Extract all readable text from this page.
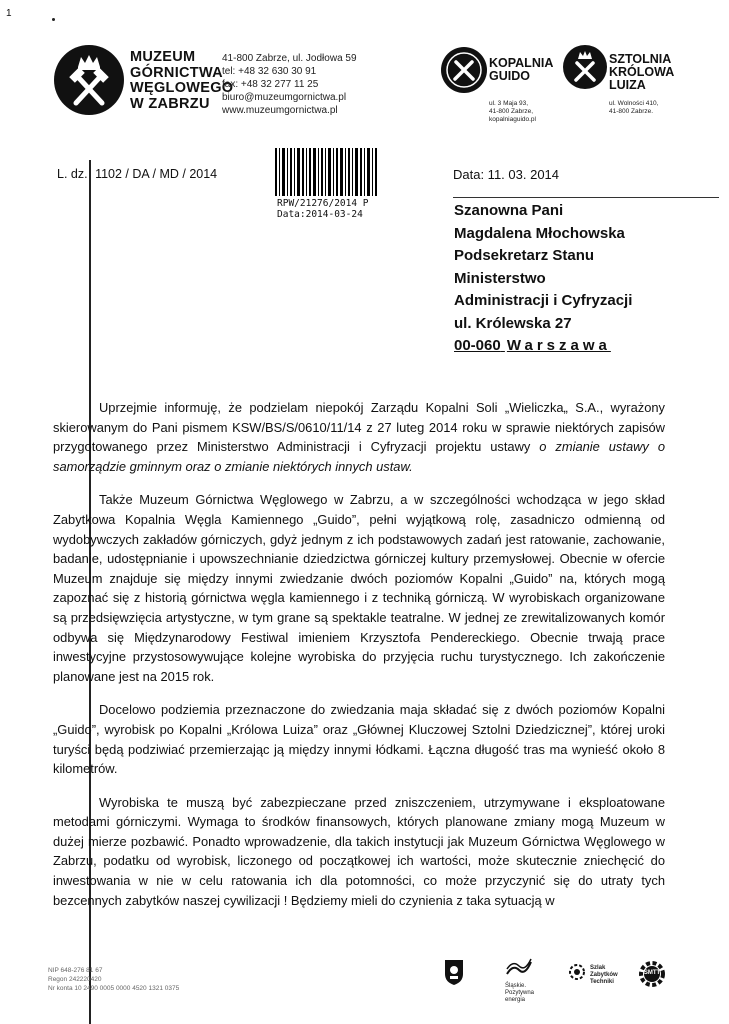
1
MUZEUM
GÓRNICTWA
WĘGLOWEGO
W ZABRZU
41-800 Zabrze, ul. Jodłowa 59
tel: +48 32 630 30 91
fax: +48 32 277 11 25
biuro@muzeumgornictwa.pl
www.muzeumgornictwa.pl
KOPALNIA
GUIDO
ul. 3 Maja 93,
41-800 Zabrze,
kopalniaguido.pl
SZTOLNIA
KRÓLOWA
LUIZA
ul. Wolności 410,
41-800 Zabrze.
L. dz. 1102 / DA / MD / 2014
RPW/21276/2014 P
Data:2014-03-24
Data: 11. 03. 2014
Szanowna Pani
Magdalena Młochowska
Podsekretarz Stanu
Ministerstwo
Administracji i Cyfryzacji
ul. Królewska 27
00-060 Warszawa

Uprzejmie informuję, że podzielam niepokój Zarządu Kopalni Soli „Wieliczka„ S.A., wyrażony skierowanym do Pani pismem KSW/BS/S/0610/11/14 z 27 luteg 2014 roku w sprawie niektórych zapisów przygotowanego przez Ministerstwo Administracji i Cyfryzacji projektu ustawy o zmianie ustawy o samorządzie gminnym oraz o zmianie niektórych innych ustaw.

Także Muzeum Górnictwa Węglowego w Zabrzu, a w szczególności wchodząca w jego skład Zabytkowa Kopalnia Węgla Kamiennego „Guido”, pełni wyjątkową rolę, zasadniczo odmienną od wydobywczych zakładów górniczych, gdyż jednym z ich podstawowych zadań jest ratowanie, zachowanie, badanie, udostępnianie i upowszechnianie dziedzictwa górniczej kultury przemysłowej. Obecnie w ofercie Muzeum znajduje się między innymi zwiedzanie dwóch poziomów Kopalni „Guido” na, których mogą zapoznać się z historią górnictwa węgla kamiennego i z techniką górniczą. W wyrobiskach organizowane są przedsięwzięcia artystyczne, w tym grane są spektakle teatralne. W jednej ze zrewitalizowanych komór odbywa się Międzynarodowy Festiwal imieniem Krzysztofa Pendereckiego. Obecnie trwają prace inwestycyjne przystosowywujące kolejne wyrobiska do przyjęcia ruchu turystycznego. Ich zakończenie planowane jest na 2015 rok.

Docelowo podziemia przeznaczone do zwiedzania maja składać się z dwóch poziomów Kopalni „Guido”, wyrobisk po Kopalni „Królowa Luiza” oraz „Głównej Kluczowej Sztolni Dziedzicznej”, której uroki turyści będą podziwiać przemierzając ją między innymi łódkami. Łączna długość tras ma wynieść około 8 kilometrów.

Wyrobiska te muszą być zabezpieczane przed zniszczeniem, utrzymywane i eksploatowane metodami górniczymi. Wymaga to środków finansowych, których planowane zmiany mogą Muzeum w dużej mierze pozbawić. Ponadto wprowadzenie, dla takich instytucji jak Muzeum Górnictwa Węglowego w Zabrzu, podatku od wyrobisk, liczonego od początkowej ich wartości, może skutecznie zniechęcić do inwestowania w nie w celu ratowania ich dla potomności, co może przyczynić się do utraty tych bezcennych zabytków naszej cywilizacji ! Będziemy mieli do czynienia z taka sytuacją w

NIP 648-276 81 67
Regon 242220420
Nr konta 10 2490 0005 0000 4520 1321 0375	Śląskie. Pozytywna energia
Szlak
Zabytków
Techniki
SMTT
